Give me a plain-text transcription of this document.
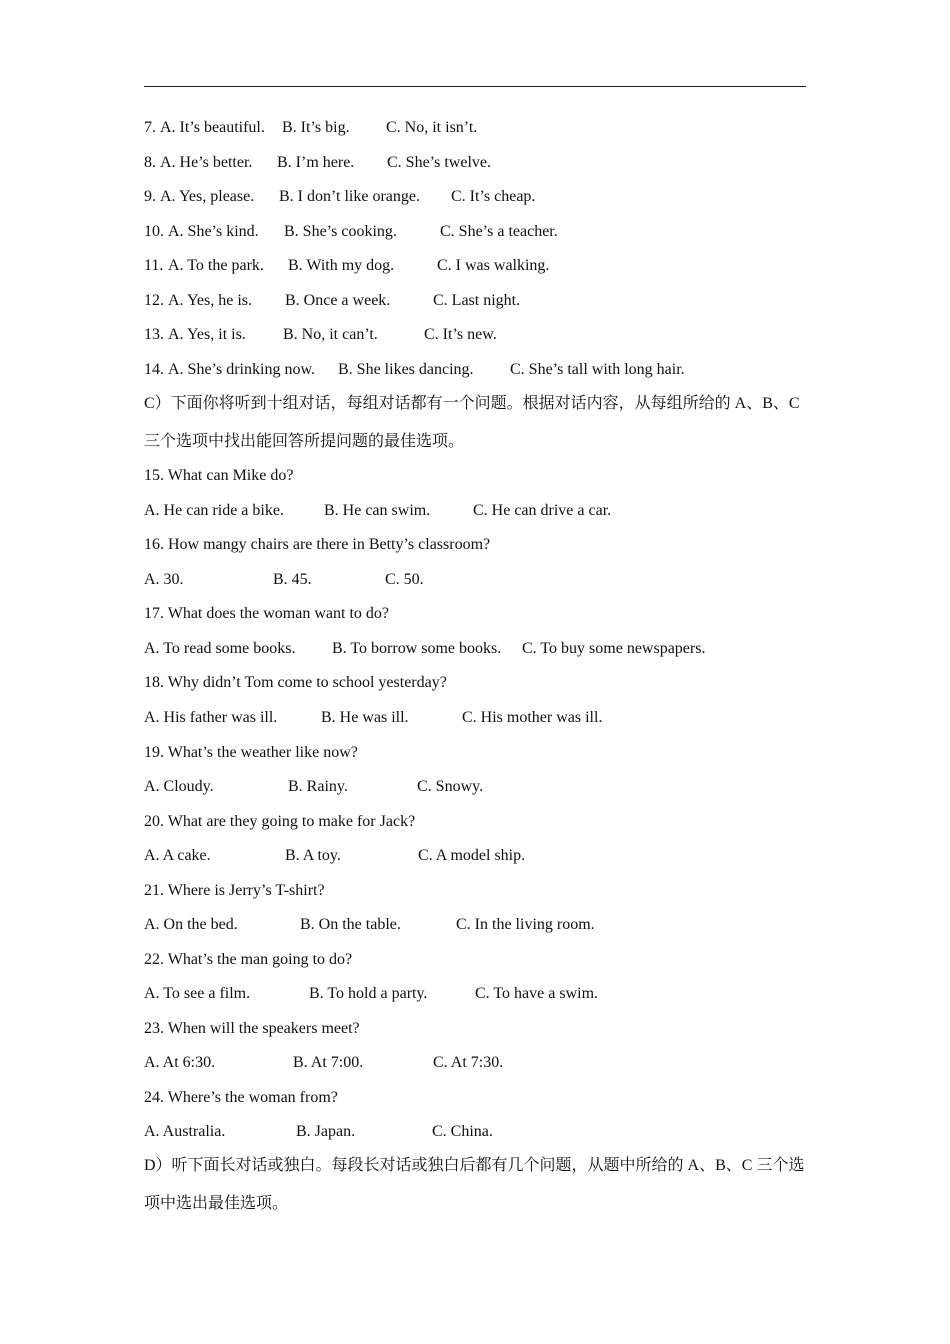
7.

A. It’s beautiful.

B. It’s big.

C. No, it isn’t.

8.

A. He’s better.

B. I’m here.

C. She’s twelve.

9.

A. Yes, please.

B. I don’t like orange.

C. It’s cheap.

10.

A. She’s kind.

B. She’s cooking.

	C. She’s a teacher.

11.

A. To the park.

B. With my dog.

	C. I was walking.

12.

A. Yes, he is.

B. Once a week.

	C. Last night.

13.

A. Yes, it is.

B. No, it can’t.

	C. It’s new.

14.

A. She’s drinking now.

B. She likes dancing.

C. She’s tall with long hair.

C）下面你将听到十组对话，每组对话都有一个问题。根据对话内容，从每组所给的 A、B、C 三个选项中找出能回答所提问题的最佳选项。
15. What can Mike do?

A. He can ride a bike.

	B. He can swim.

	C. He can drive a car.

16. How mangy chairs are there in Betty’s classroom?

A. 30.

	B. 45.

	C. 50.

17. What does the woman want to do?

A. To read some books.

B. To borrow some books.

C. To buy some newspapers.

18. Why didn’t Tom come to school yesterday?

A. His father was ill.

	B. He was ill.

	C. His mother was ill.

19. What’s the weather like now?

A. Cloudy.

	B. Rainy.

	C. Snowy.

20. What are they going to make for Jack?

A. A cake.

	B. A toy.

	C. A model ship.

21. Where is Jerry’s T-shirt?

A. On the bed.

	B. On the table.

	C. In the living room.

22. What’s the man going to do?

A. To see a film.

	B. To hold a party.

	C. To have a swim.

23. When will the speakers meet?

A. At 6:30.

	B. At 7:00.

	C. At 7:30.

24. Where’s the woman from?

A. Australia.

	B. Japan.

	C. China.

D）听下面长对话或独白。每段长对话或独白后都有几个问题，从题中所给的 A、B、C 三个选项中选出最佳选项。
